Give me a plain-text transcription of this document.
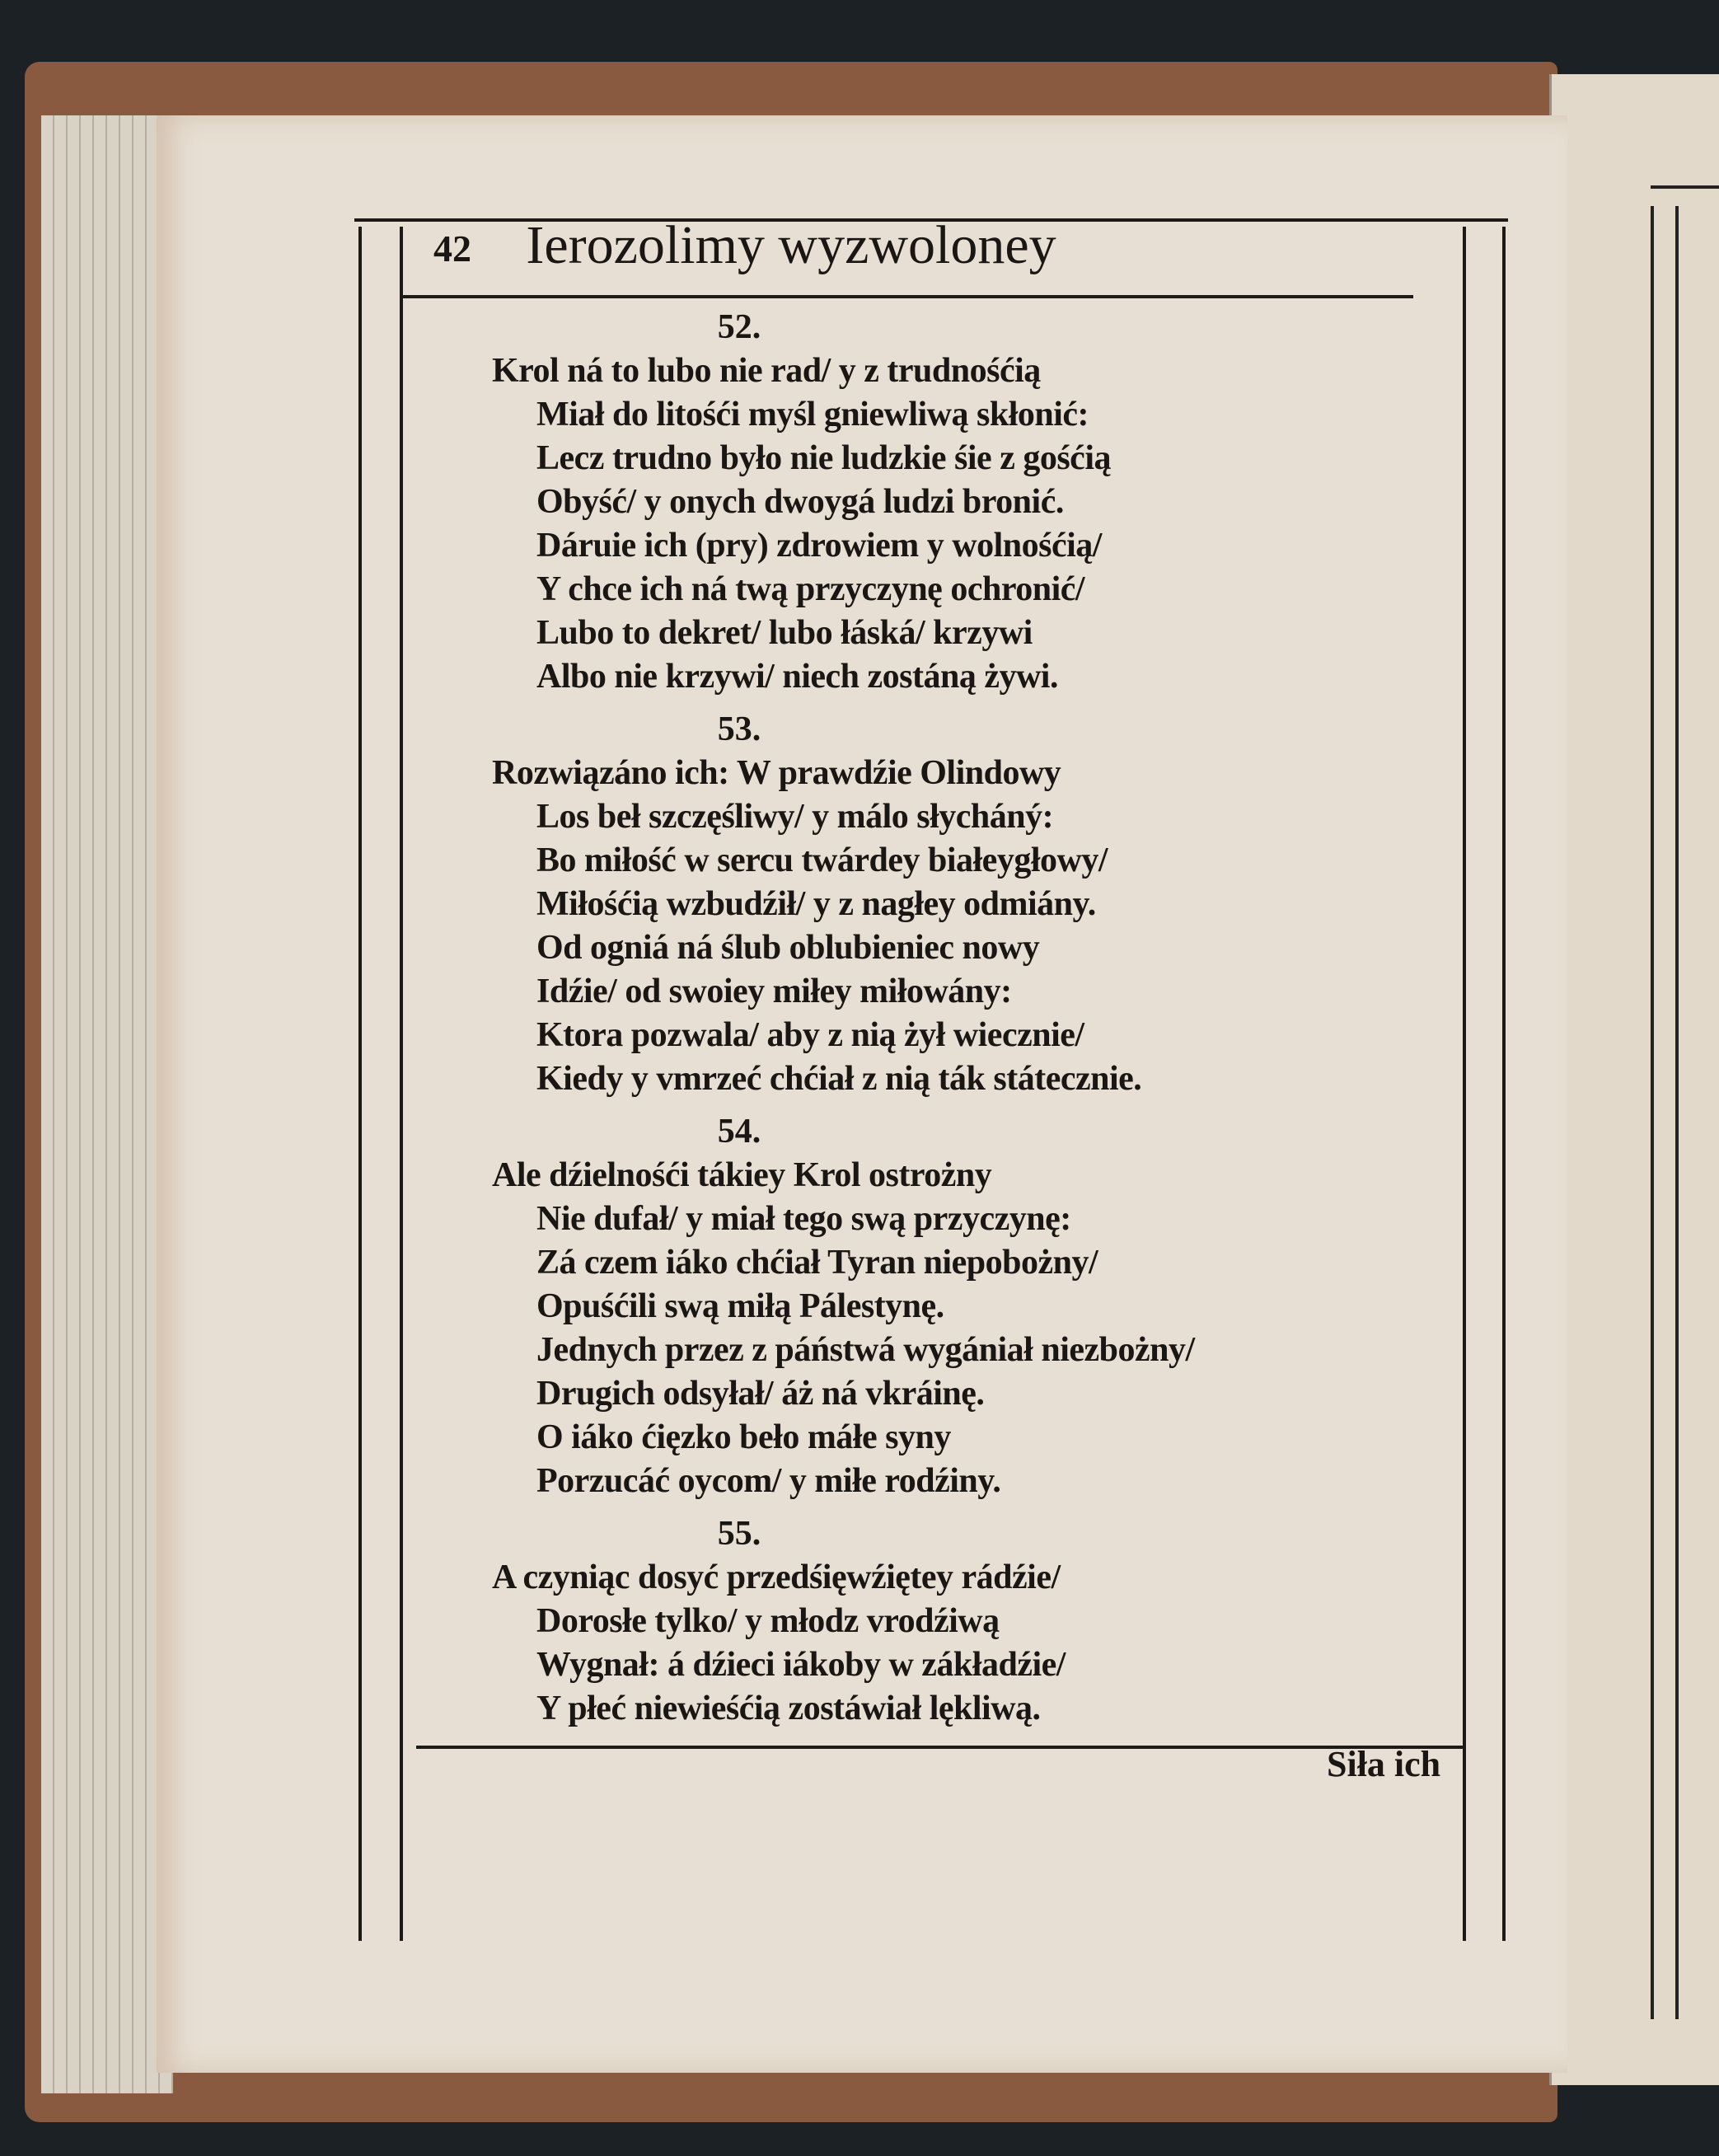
42	Ierozolimy wyzwoloney
52.
Krol ná to lubo nie rad/ y z trudnośćią
Miał do litośći myśl gniewliwą skłonić:
Lecz trudno było nie ludzkie śie z gośćią
Obyść/ y onych dwoygá ludzi bronić.
Dáruie ich (pry) zdrowiem y wolnośćią/
Y chce ich ná twą przyczynę ochronić/
Lubo to dekret/ lubo łáská/ krzywi
Albo nie krzywi/ niech zostáną żywi.
53.
Rozwiązáno ich: W prawdźie Olindowy
Los beł szczęśliwy/ y málo słycháný:
Bo miłość w sercu twárdey białeygłowy/
Miłośćią wzbudźił/ y z nagłey odmiány.
Od ogniá ná ślub oblubieniec nowy
Idźie/ od swoiey miłey miłowány:
Ktora pozwala/ aby z nią żył wiecznie/
Kiedy y vmrzeć chćiał z nią ták státecznie.
54.
Ale dźielnośći tákiey Krol ostrożny
Nie dufał/ y miał tego swą przyczynę:
Zá czem iáko chćiał Tyran niepobożny/
Opuśćili swą miłą Pálestynę.
Jednych przez z páństwá wygániał niezbożny/
Drugich odsyłał/ áż ná vkráinę.
O iáko ćięzko beło máłe syny
Porzucáć oycom/ y miłe rodźiny.
55.
A czyniąc dosyć przedśięwźiętey rádźie/
Dorosłe tylko/ y młodz vrodźiwą
Wygnał: á dźieci iákoby w zákładźie/
Y płeć niewieśćią zostáwiał lękliwą.
Siła ich
